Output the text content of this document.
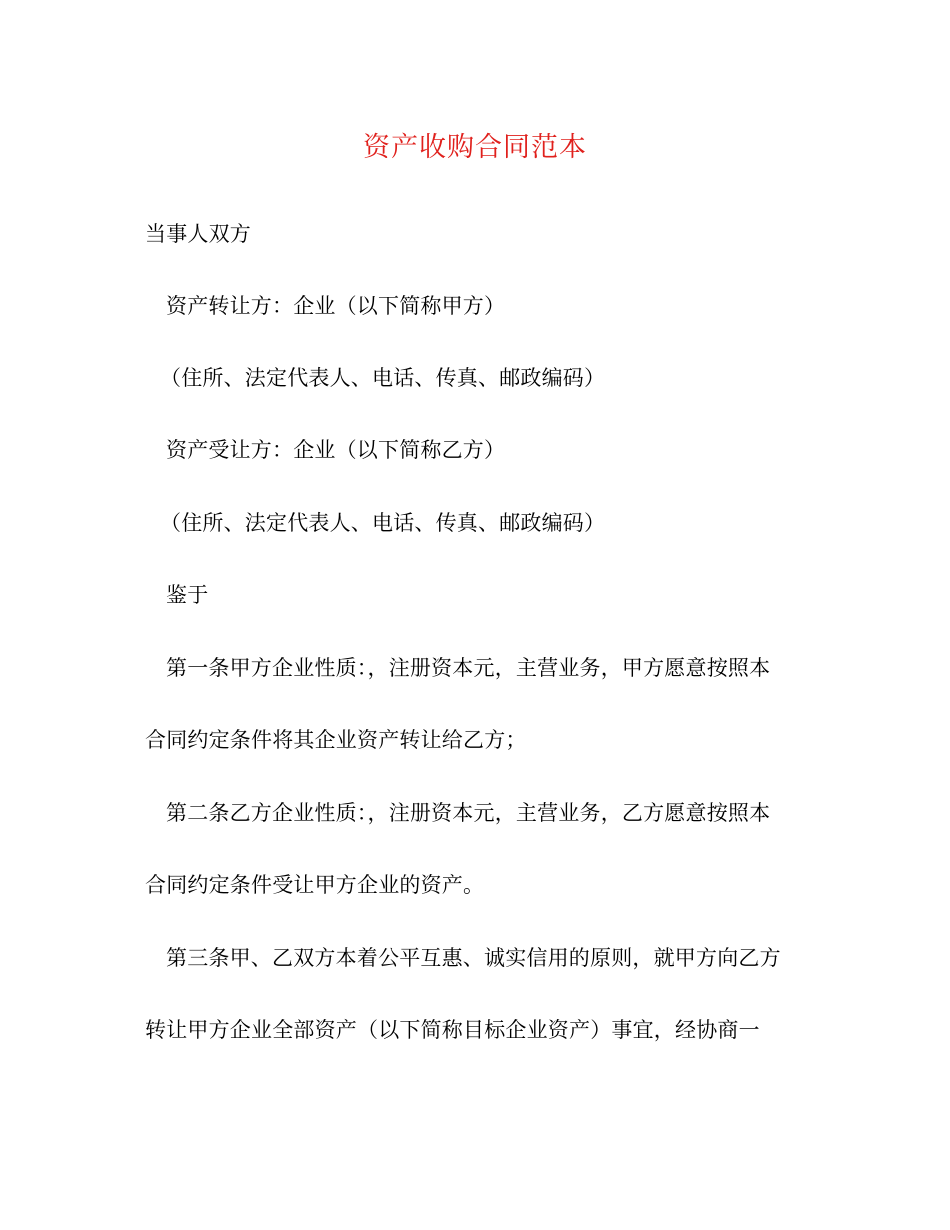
资产收购合同范本
当事人双方
资产转让方：企业（以下简称甲方）
（住所、法定代表人、电话、传真、邮政编码）
资产受让方：企业（以下简称乙方）
（住所、法定代表人、电话、传真、邮政编码）
鉴于
第一条甲方企业性质：，注册资本元，主营业务，甲方愿意按照本
合同约定条件将其企业资产转让给乙方；
第二条乙方企业性质：，注册资本元，主营业务，乙方愿意按照本
合同约定条件受让甲方企业的资产。
第三条甲、乙双方本着公平互惠、诚实信用的原则，就甲方向乙方
转让甲方企业全部资产（以下简称目标企业资产）事宜，经协商一
